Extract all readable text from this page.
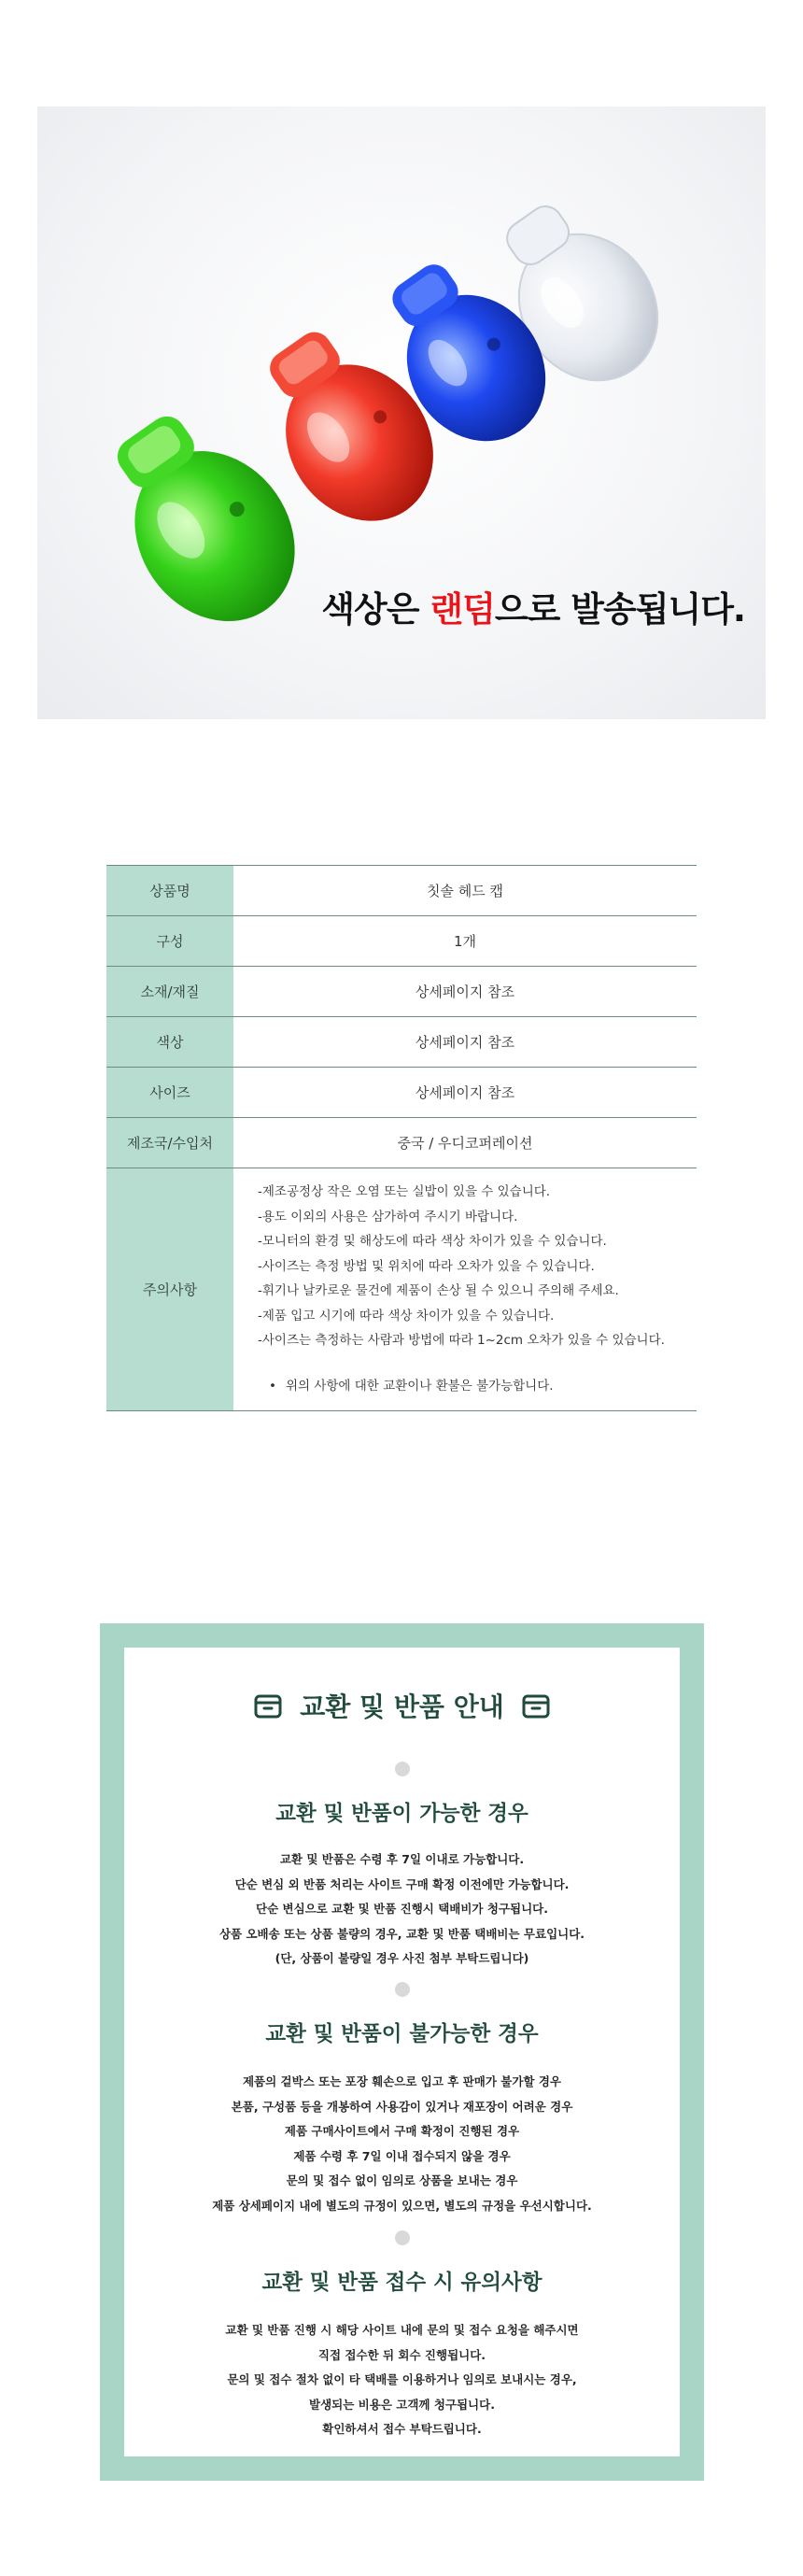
색상은 랜덤으로 발송됩니다.
상품명	칫솔 헤드 캡
구성	1개
소재/재질	상세페이지 참조
색상	상세페이지 참조
사이즈	상세페이지 참조
제조국/수입처	중국 / 우디코퍼레이션
주의사항
-제조공정상 작은 오염 또는 실밥이 있을 수 있습니다.
-용도 이외의 사용은 삼가하여 주시기 바랍니다.
-모니터의 환경 및 해상도에 따라 색상 차이가 있을 수 있습니다.
-사이즈는 측정 방법 및 위치에 따라 오차가 있을 수 있습니다.
-휘기나 날카로운 물건에 제품이 손상 될 수 있으니 주의해 주세요.
-제품 입고 시기에 따라 색상 차이가 있을 수 있습니다.
-사이즈는 측정하는 사람과 방법에 따라 1~2cm 오차가 있을 수 있습니다.
• 위의 사항에 대한 교환이나 환불은 불가능합니다.
교환 및 반품 안내
교환 및 반품이 가능한 경우
교환 및 반품은 수령 후 7일 이내로 가능합니다.
단순 변심 외 반품 처리는 사이트 구매 확정 이전에만 가능합니다.
단순 변심으로 교환 및 반품 진행시 택배비가 청구됩니다.
상품 오배송 또는 상품 불량의 경우, 교환 및 반품 택배비는 무료입니다.
(단, 상품이 불량일 경우 사진 첨부 부탁드립니다)
교환 및 반품이 불가능한 경우
제품의 겉박스 또는 포장 훼손으로 입고 후 판매가 불가할 경우
본품, 구성품 등을 개봉하여 사용감이 있거나 재포장이 어려운 경우
제품 구매사이트에서 구매 확정이 진행된 경우
제품 수령 후 7일 이내 접수되지 않을 경우
문의 및 접수 없이 임의로 상품을 보내는 경우
제품 상세페이지 내에 별도의 규정이 있으면, 별도의 규정을 우선시합니다.
교환 및 반품 접수 시 유의사항
교환 및 반품 진행 시 해당 사이트 내에 문의 및 접수 요청을 해주시면
직접 접수한 뒤 회수 진행됩니다.
문의 및 접수 절차 없이 타 택배를 이용하거나 임의로 보내시는 경우,
발생되는 비용은 고객께 청구됩니다.
확인하셔서 접수 부탁드립니다.
